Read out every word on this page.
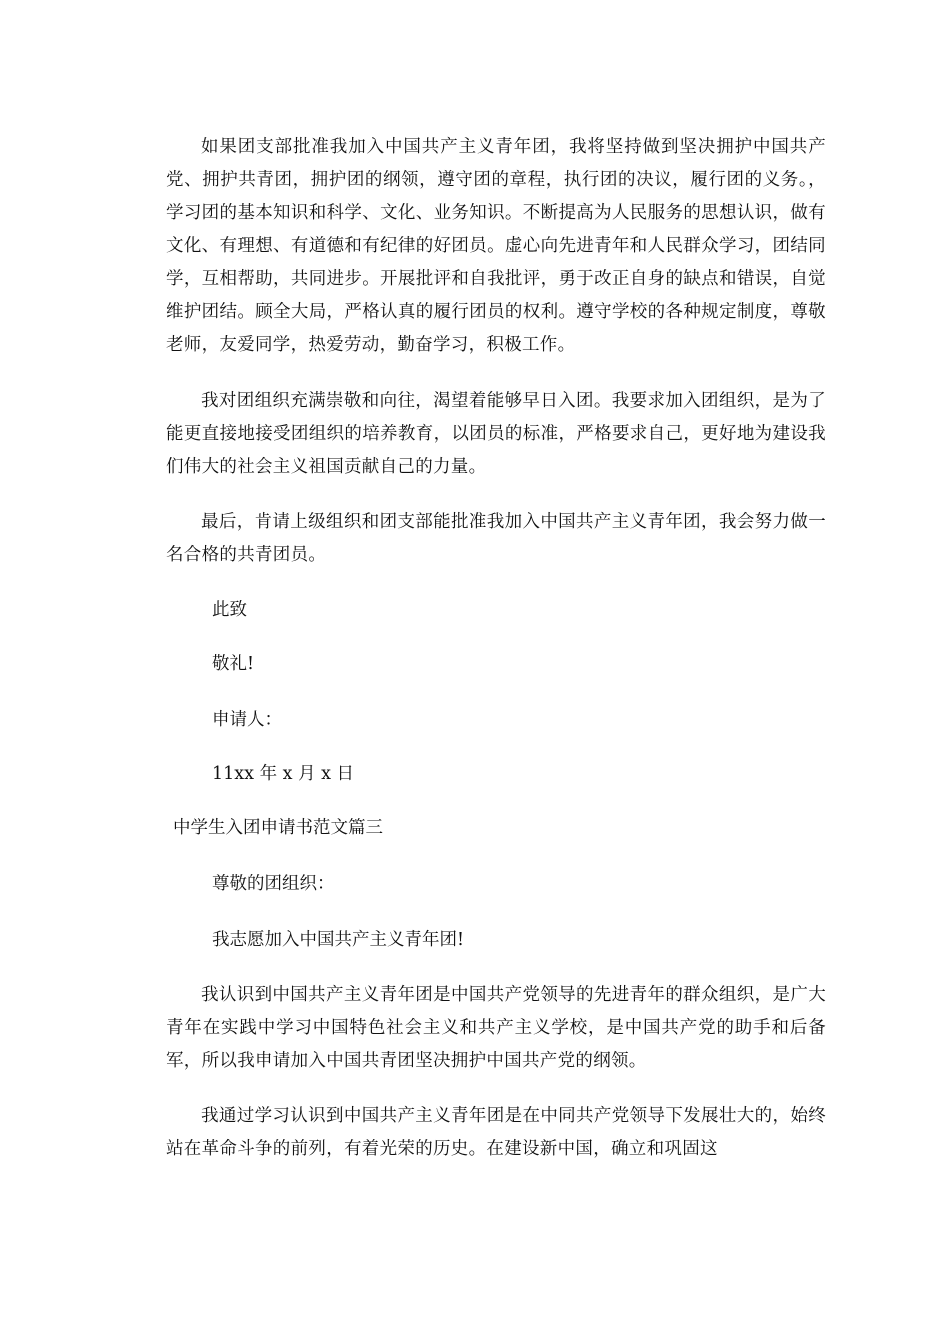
如果团支部批准我加入中国共产主义青年团，我将坚持做到坚决拥护中国共产党、拥护共青团，拥护团的纲领，遵守团的章程，执行团的决议，履行团的义务。，学习团的基本知识和科学、文化、业务知识。不断提高为人民服务的思想认识，做有文化、有理想、有道德和有纪律的好团员。虚心向先进青年和人民群众学习，团结同学，互相帮助，共同进步。开展批评和自我批评，勇于改正自身的缺点和错误，自觉维护团结。顾全大局，严格认真的履行团员的权利。遵守学校的各种规定制度，尊敬老师，友爱同学，热爱劳动，勤奋学习，积极工作。

我对团组织充满崇敬和向往，渴望着能够早日入团。我要求加入团组织，是为了能更直接地接受团组织的培养教育，以团员的标准，严格要求自己，更好地为建设我们伟大的社会主义祖国贡献自己的力量。

最后，肯请上级组织和团支部能批准我加入中国共产主义青年团，我会努力做一名合格的共青团员。

此致

敬礼!

申请人：

11xx 年 x 月 x 日

中学生入团申请书范文篇三

尊敬的团组织：

我志愿加入中国共产主义青年团!

我认识到中国共产主义青年团是中国共产党领导的先进青年的群众组织，是广大青年在实践中学习中国特色社会主义和共产主义学校，是中国共产党的助手和后备军，所以我申请加入中国共青团坚决拥护中国共产党的纲领。

我通过学习认识到中国共产主义青年团是在中同共产党领导下发展壮大的，始终站在革命斗争的前列，有着光荣的历史。在建设新中国，确立和巩固这
